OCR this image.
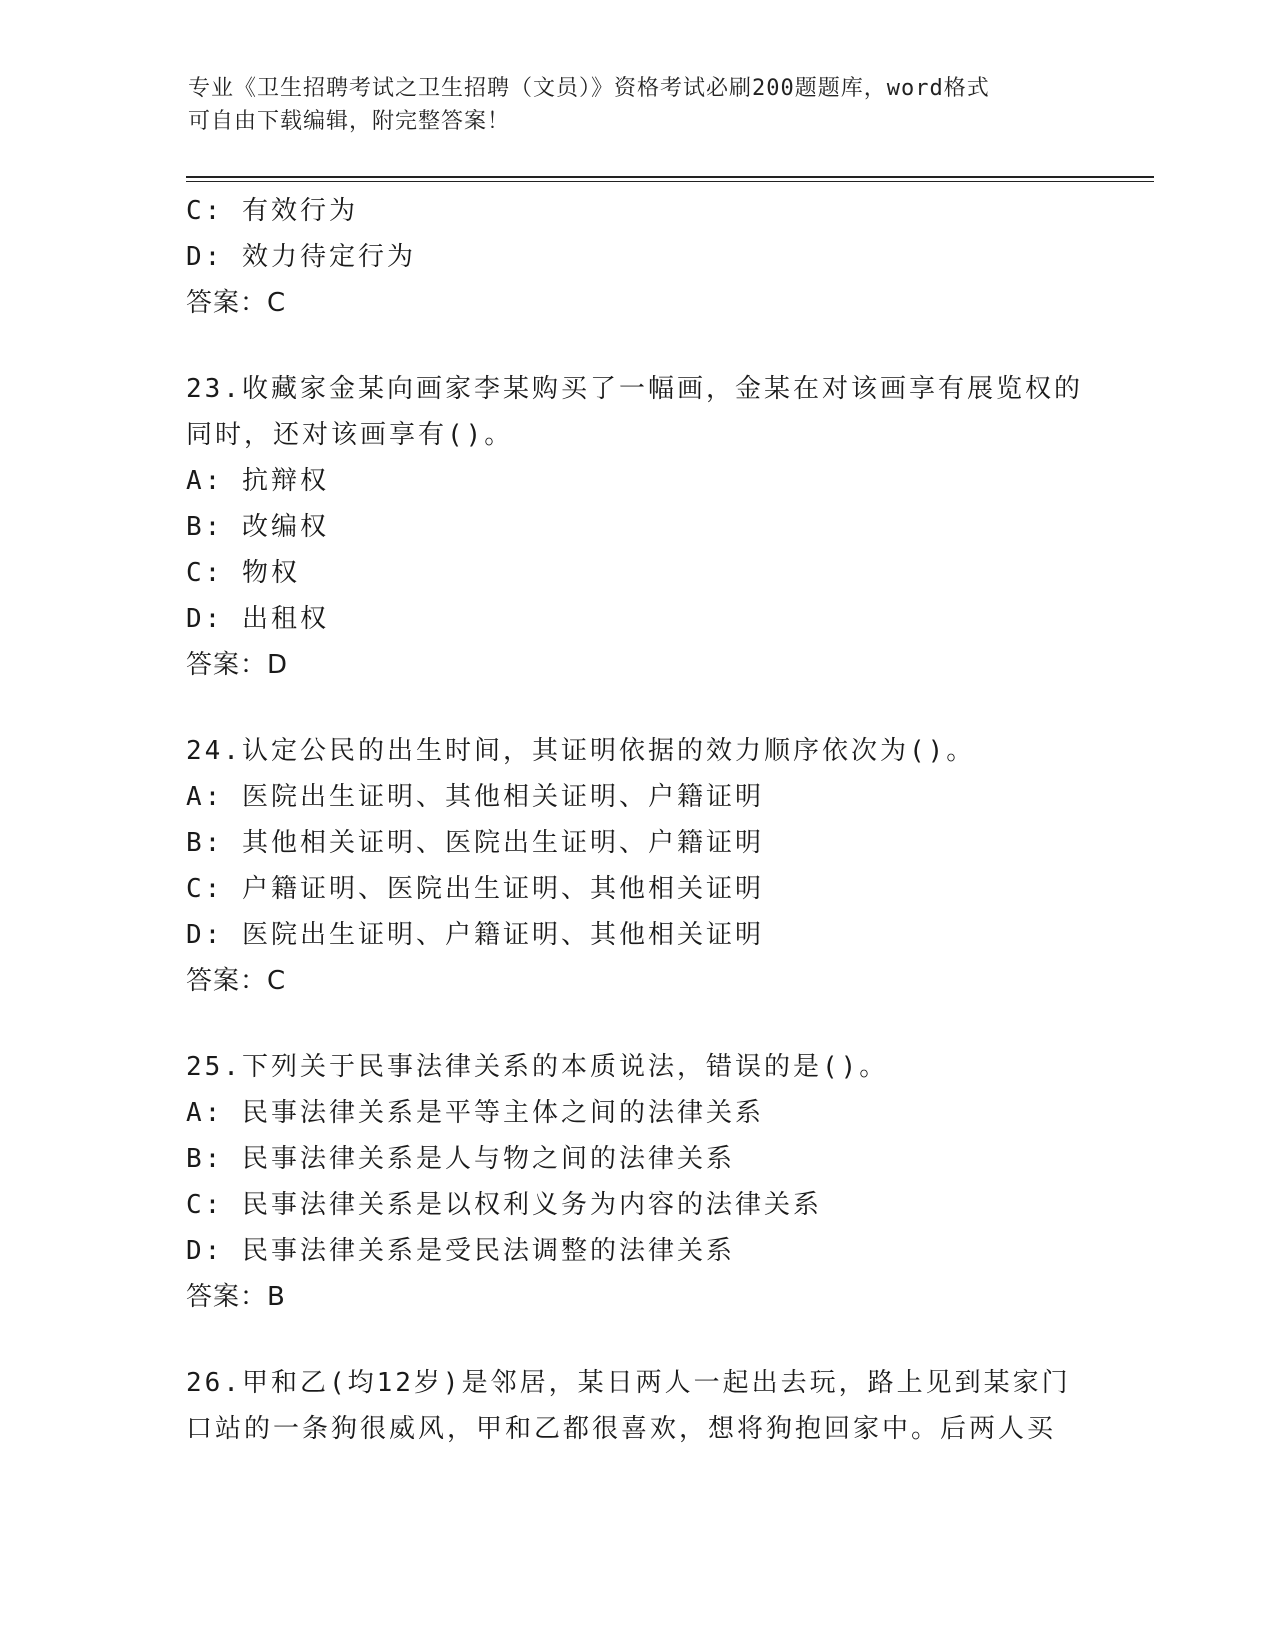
专业《卫生招聘考试之卫生招聘（文员）》资格考试必刷200题题库，word格式
可自由下载编辑，附完整答案！
C: 有效行为
D: 效力待定行为
答案：C
23.收藏家金某向画家李某购买了一幅画，金某在对该画享有展览权的
同时，还对该画享有()。
A: 抗辩权
B: 改编权
C: 物权
D: 出租权
答案：D
24.认定公民的出生时间，其证明依据的效力顺序依次为()。
A: 医院出生证明、其他相关证明、户籍证明
B: 其他相关证明、医院出生证明、户籍证明
C: 户籍证明、医院出生证明、其他相关证明
D: 医院出生证明、户籍证明、其他相关证明
答案：C
25.下列关于民事法律关系的本质说法，错误的是()。
A: 民事法律关系是平等主体之间的法律关系
B: 民事法律关系是人与物之间的法律关系
C: 民事法律关系是以权利义务为内容的法律关系
D: 民事法律关系是受民法调整的法律关系
答案：B
26.甲和乙(均12岁)是邻居，某日两人一起出去玩，路上见到某家门
口站的一条狗很威风，甲和乙都很喜欢，想将狗抱回家中。后两人买
